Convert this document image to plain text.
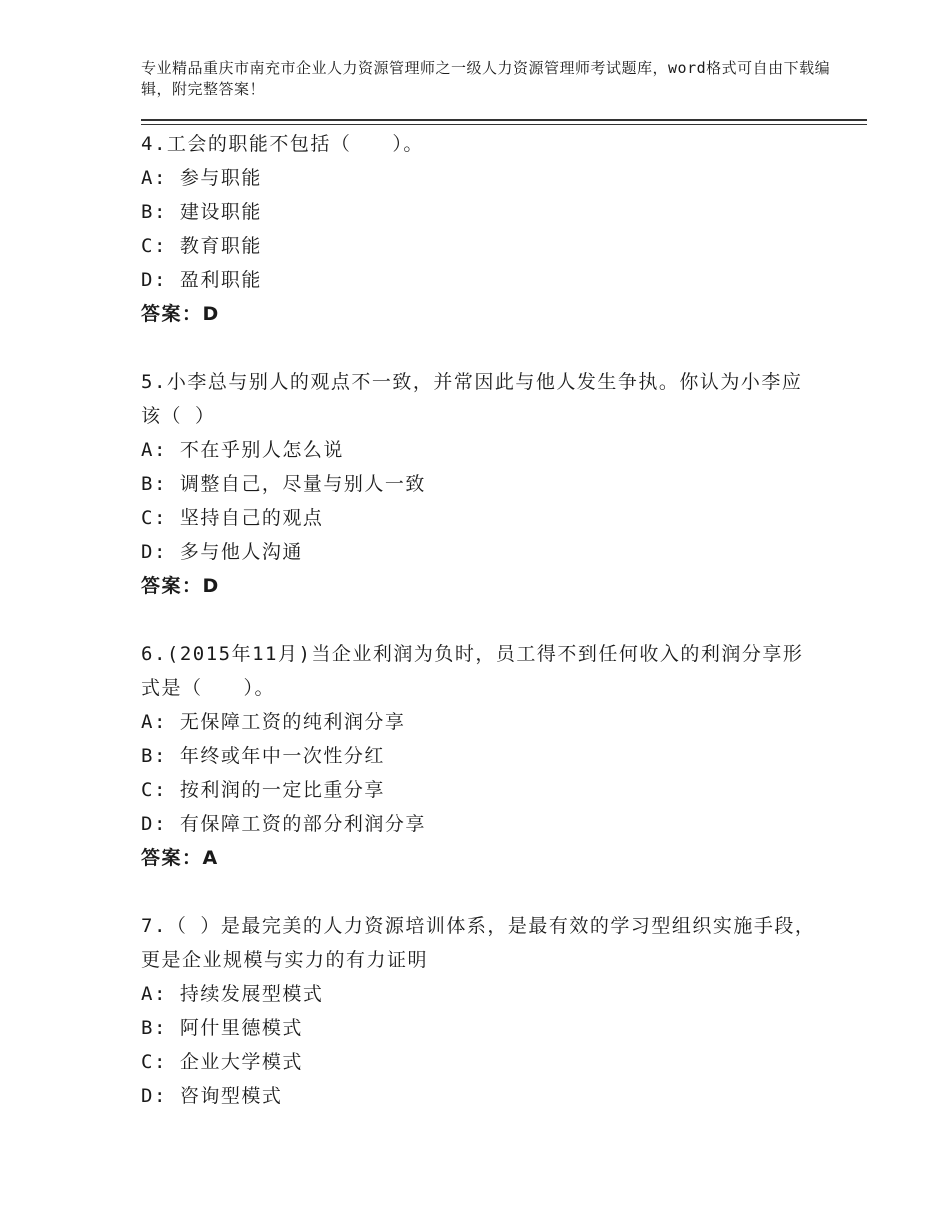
专业精品重庆市南充市企业人力资源管理师之一级人力资源管理师考试题库，word格式可自由下载编辑，附完整答案！
4.工会的职能不包括（　　）。
A: 参与职能
B: 建设职能
C: 教育职能
D: 盈利职能
答案：D
5.小李总与别人的观点不一致，并常因此与他人发生争执。你认为小李应该（ ）
A: 不在乎别人怎么说
B: 调整自己，尽量与别人一致
C: 坚持自己的观点
D: 多与他人沟通
答案：D
6.(2015年11月)当企业利润为负时，员工得不到任何收入的利润分享形式是（　　）。
A: 无保障工资的纯利润分享
B: 年终或年中一次性分红
C: 按利润的一定比重分享
D: 有保障工资的部分利润分享
答案：A
7.（ ）是最完美的人力资源培训体系，是最有效的学习型组织实施手段，更是企业规模与实力的有力证明
A: 持续发展型模式
B: 阿什里德模式
C: 企业大学模式
D: 咨询型模式
